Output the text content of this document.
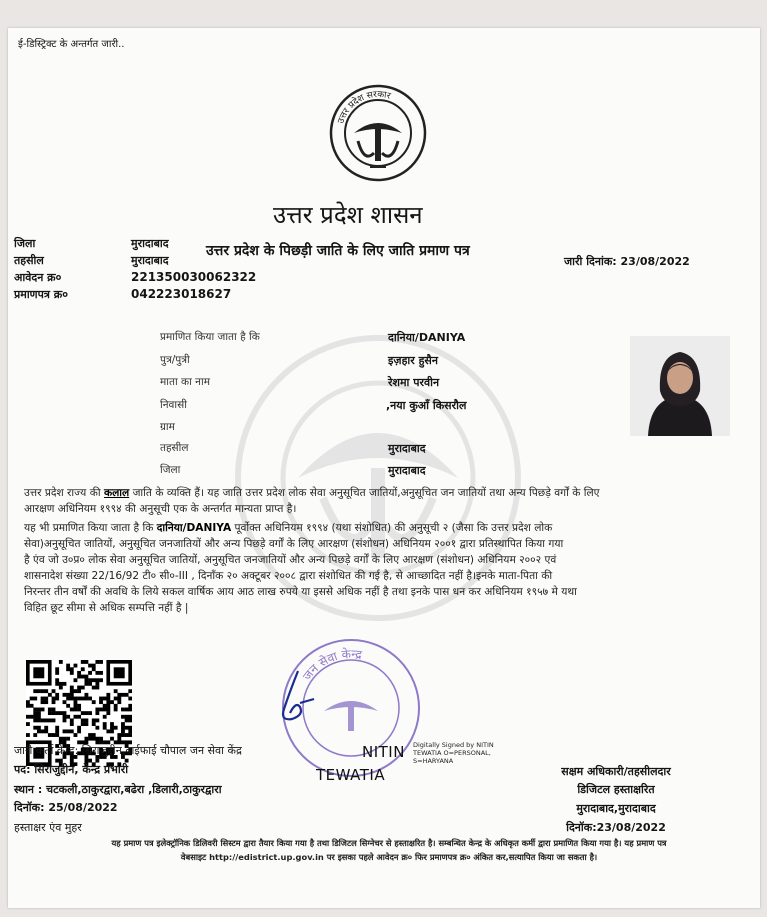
ई-डिस्ट्रिक्ट के अन्तर्गत जारी..
उत्तर प्रदेश सरकार
उत्तर प्रदेश शासन
उत्तर प्रदेश के पिछड़ी जाति के लिए जाति प्रमाण पत्र
जिला	मुरादाबाद
तहसील	मुरादाबाद
आवेदन क्र०	221350030062322
प्रमाणपत्र क्र०	042223018627
जारी दिनांक: 23/08/2022
प्रमाणित किया जाता है कि	दानिया/DANIYA
पुत्र/पुत्री	इज़हार हुसैन
माता का नाम	रेशमा परवीन
निवासी	,नया कुआँ किसरौल
ग्राम
तहसील	मुरादाबाद
जिला	मुरादाबाद
उत्तर प्रदेश राज्य की कलाल जाति के व्यक्ति हैं। यह जाति उत्तर प्रदेश लोक सेवा अनुसूचित जातियों,अनुसूचित जन जातियों तथा अन्य पिछड़े वर्गों के लिए
आरक्षण अधिनियम १९९४ की अनुसूची एक के अन्तर्गत मान्यता प्राप्त है।
यह भी प्रमाणित किया जाता है कि दानिया/DANIYA पूर्वोक्त अधिनियम १९९४ (यथा संशोधित) की अनुसूची २ (जैसा कि उत्तर प्रदेश लोक
सेवा)अनुसूचित जातियों, अनुसूचित जनजातियों और अन्य पिछड़े वर्गों के लिए आरक्षण (संशोधन) अधिनियम २००१ द्वारा प्रतिस्थापित किया गया
है एंव जो उ०प्र० लोक सेवा अनुसूचित जातियों, अनुसूचित जनजातियों और अन्य पिछड़े वर्गों के लिए आरक्षण (संशोधन) अधिनियम २००२ एवं
शासनादेश संख्या 22/16/92 टी० सी०-III , दिनाँक २० अक्टूबर २००८ द्वारा संशोधित की गई है, से आच्छादित नहीं है।इनके माता-पिता की
निरन्तर तीन वर्षों की अवधि के लिये सकल वार्षिक आय आठ लाख रुपये या इससे अधिक नहीं है तथा इनके पास धन कर अधिनियम १९५७ मे यथा
विहित छूट सीमा से अधिक सम्पत्ति नहीं है |
जन सेवा केन्द्र
जारी कर्ता केन्द्र: सिराजुद्दीन,वाईफाई चौपाल जन सेवा केंद्र
पद: सिराजुद्दीन, केन्द्र प्रभारी
स्थान : चटकली,ठाकुरद्वारा,बढेरा ,डिलारी,ठाकुरद्वारा
दिनॉक: 25/08/2022
हस्ताक्षर एंव मुहर
NITIN
TEWATIA
Digitally Signed by NITIN
TEWATIA O=PERSONAL,
S=HARYANA
सक्षम अधिकारी/तहसीलदार
डिजिटल हस्ताक्षरित
मुरादाबाद,मुरादाबाद
दिनॉक:23/08/2022
यह प्रमाण पत्र इलेक्ट्रॉनिक डिलिवरी सिस्टम द्वारा तैयार किया गया है तथा डिजिटल सिग्नेचर से हस्ताक्षरित है। सम्बन्धित केन्द्र के अधिकृत कर्मी द्वारा प्रमाणित किया गया है। यह प्रमाण पत्र
वेबसाइट http://edistrict.up.gov.in पर इसका पहले आवेदन क्र० फिर प्रमाणपत्र क्र० अंकित कर,सत्यापित किया जा सकता है।
